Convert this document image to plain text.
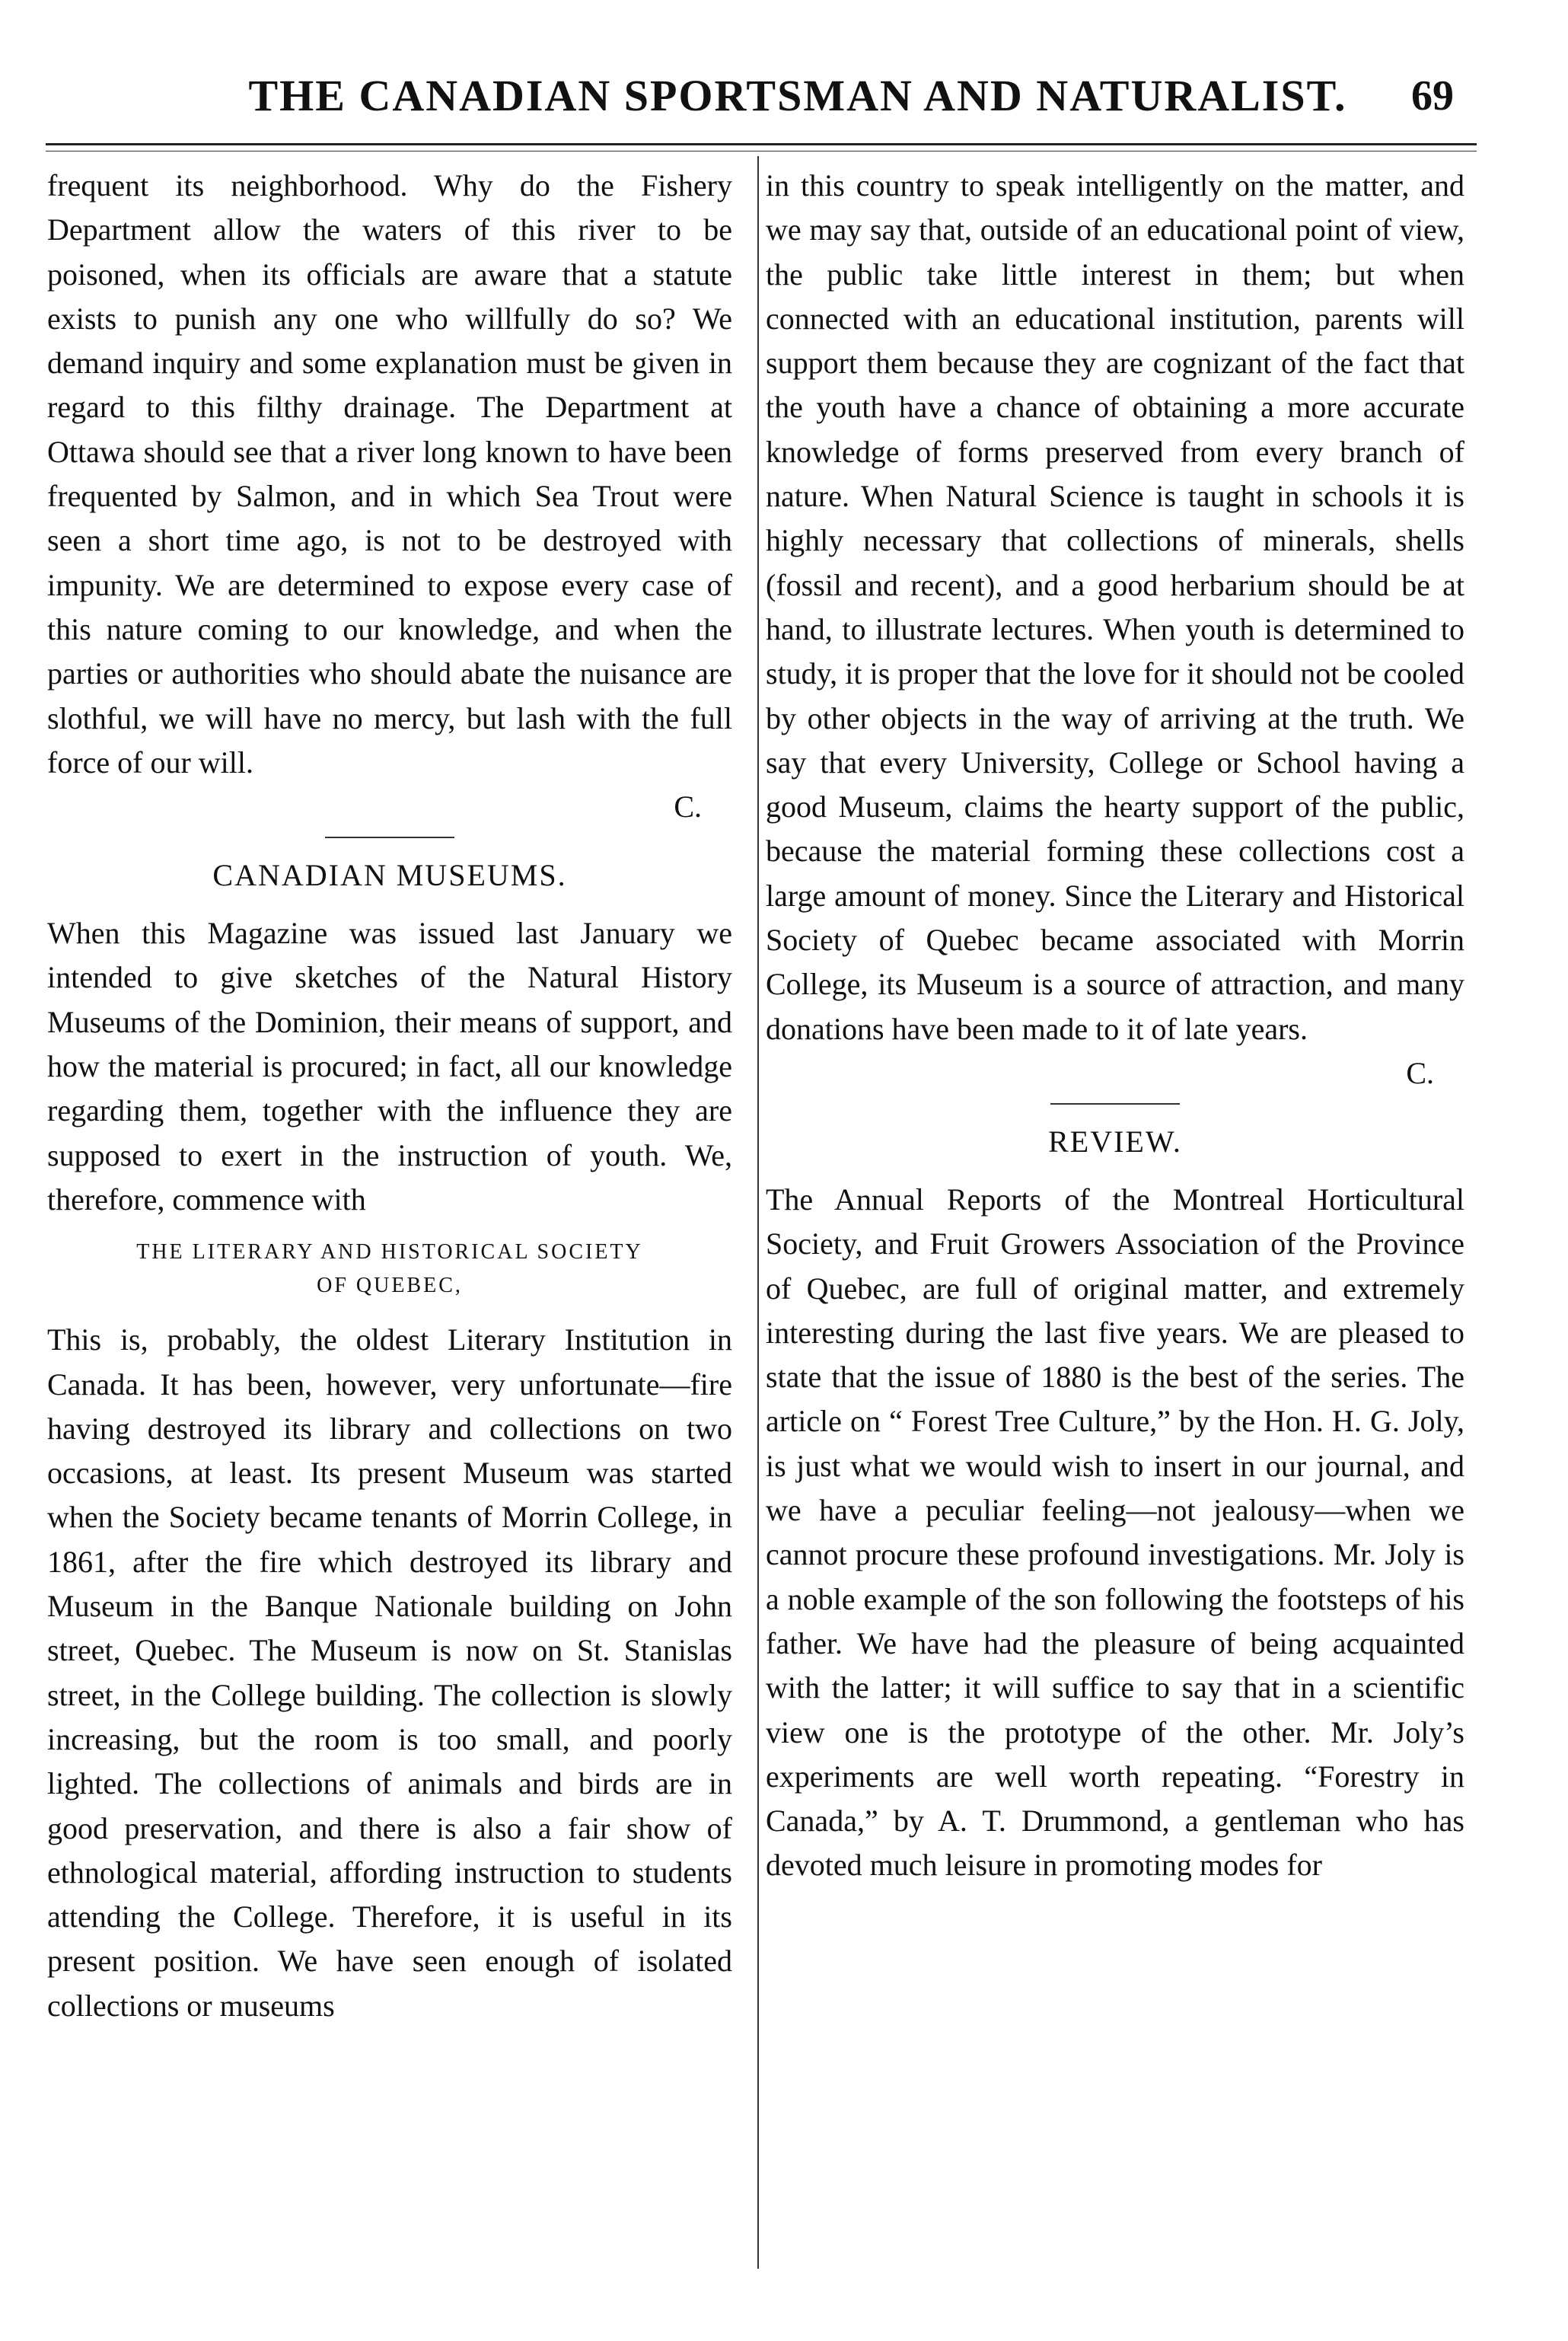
THE CANADIAN SPORTSMAN AND NATURALIST.	69

frequent its neighborhood. Why do the Fishery Department allow the waters of this river to be poisoned, when its officials are aware that a statute exists to punish any one who willfully do so? We demand inquiry and some explanation must be given in regard to this filthy drainage. The Department at Ottawa should see that a river long known to have been frequented by Salmon, and in which Sea Trout were seen a short time ago, is not to be destroyed with impunity. We are determined to expose every case of this nature coming to our knowledge, and when the parties or authorities who should abate the nuisance are slothful, we will have no mercy, but lash with the full force of our will.

C.

CANADIAN MUSEUMS.

When this Magazine was issued last January we intended to give sketches of the Natural History Museums of the Dominion, their means of support, and how the material is procured; in fact, all our knowledge regarding them, together with the influence they are supposed to exert in the instruction of youth. We, therefore, commence with

THE LITERARY AND HISTORICAL SOCIETY
OF QUEBEC,

This is, probably, the oldest Literary Institution in Canada. It has been, however, very unfortunate—fire having destroyed its library and collections on two occasions, at least. Its present Museum was started when the Society became tenants of Morrin College, in 1861, after the fire which destroyed its library and Museum in the Banque Nationale building on John street, Quebec. The Museum is now on St. Stanislas street, in the College building. The collection is slowly increasing, but the room is too small, and poorly lighted. The collections of animals and birds are in good preservation, and there is also a fair show of ethnological material, affording instruction to students attending the College. Therefore, it is useful in its present position. We have seen enough of isolated collections or museums

in this country to speak intelligently on the matter, and we may say that, outside of an educational point of view, the public take little interest in them; but when connected with an educational institution, parents will support them because they are cognizant of the fact that the youth have a chance of obtaining a more accurate knowledge of forms preserved from every branch of nature. When Natural Science is taught in schools it is highly necessary that collections of minerals, shells (fossil and recent), and a good herbarium should be at hand, to illustrate lectures. When youth is determined to study, it is proper that the love for it should not be cooled by other objects in the way of arriving at the truth. We say that every University, College or School having a good Museum, claims the hearty support of the public, because the material forming these collections cost a large amount of money. Since the Literary and Historical Society of Quebec became associated with Morrin College, its Museum is a source of attraction, and many donations have been made to it of late years.

C.

REVIEW.

The Annual Reports of the Montreal Horticultural Society, and Fruit Growers Association of the Province of Quebec, are full of original matter, and extremely interesting during the last five years. We are pleased to state that the issue of 1880 is the best of the series. The article on “ Forest Tree Culture,” by the Hon. H. G. Joly, is just what we would wish to insert in our journal, and we have a peculiar feeling—not jealousy—when we cannot procure these profound investigations. Mr. Joly is a noble example of the son following the footsteps of his father. We have had the pleasure of being acquainted with the latter; it will suffice to say that in a scientific view one is the prototype of the other. Mr. Joly’s experiments are well worth repeating. “Forestry in Canada,” by A. T. Drummond, a gentleman who has devoted much leisure in promoting modes for
